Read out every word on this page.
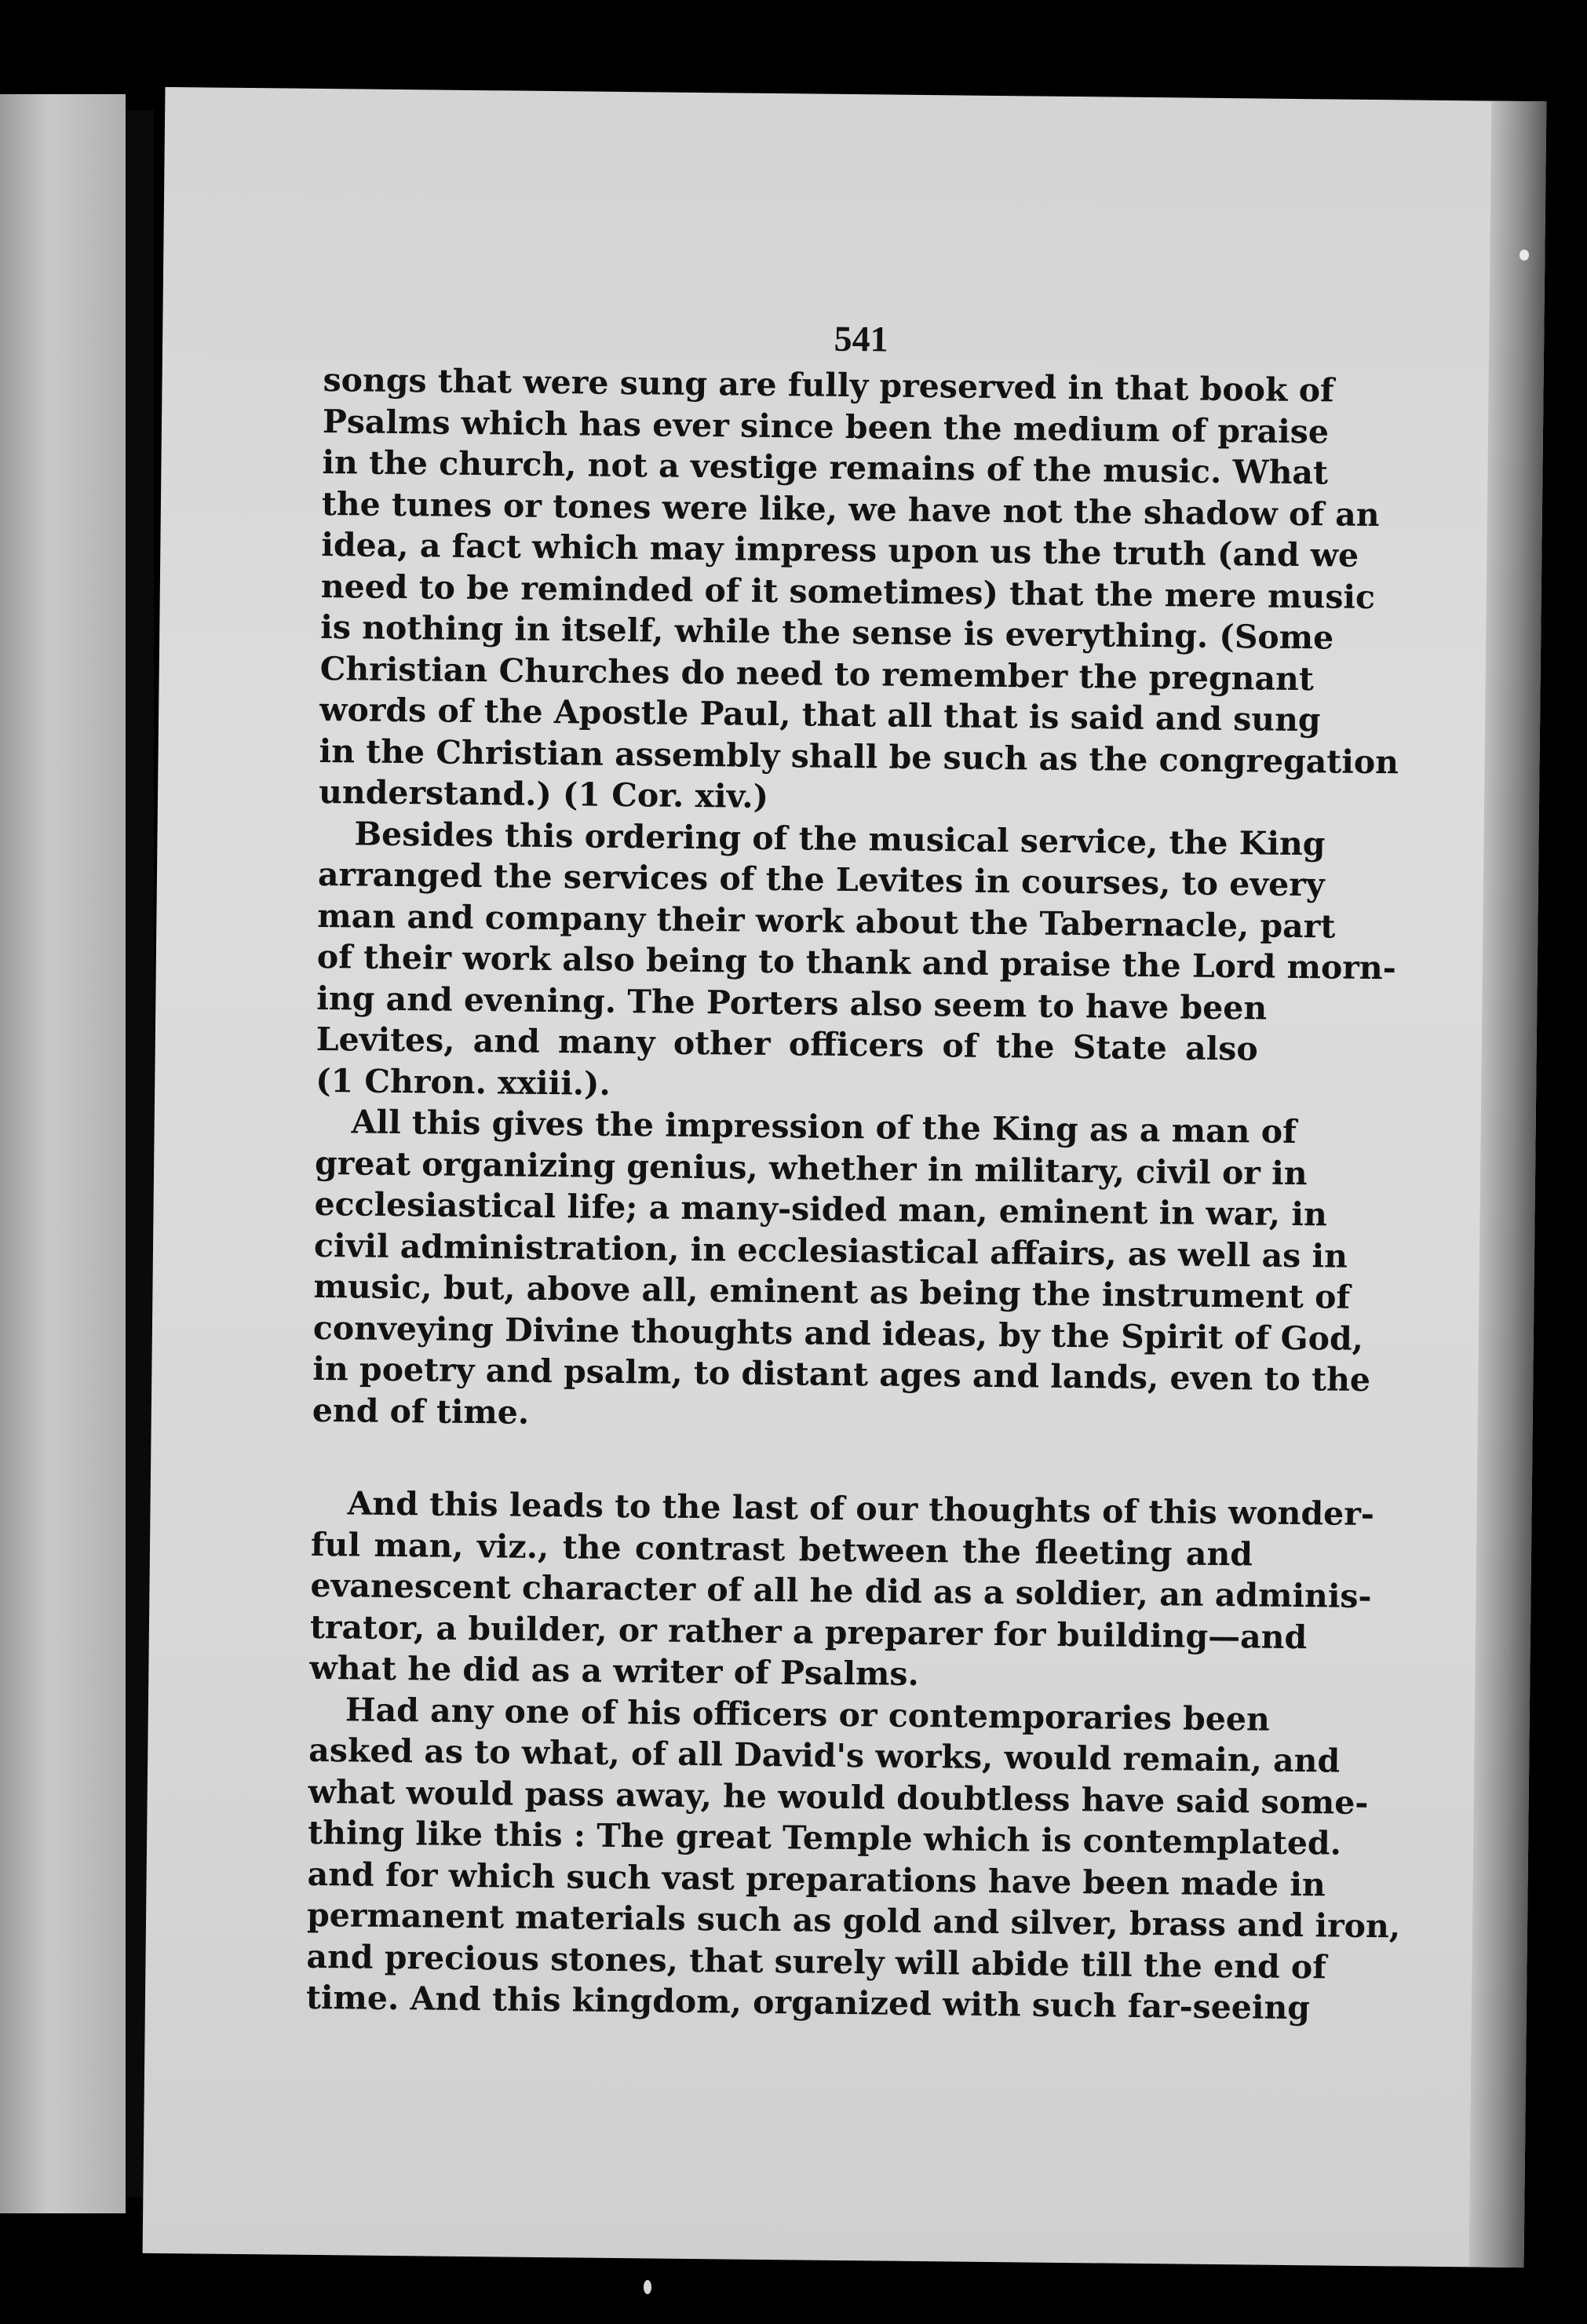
541

songs that were sung are fully preserved in that book of
Psalms which has ever since been the medium of praise
in the church, not a vestige remains of the music. What
the tunes or tones were like, we have not the shadow of an
idea, a fact which may impress upon us the truth (and we
need to be reminded of it sometimes) that the mere music
is nothing in itself, while the sense is everything. (Some
Christian Churches do need to remember the pregnant
words of the Apostle Paul, that all that is said and sung
in the Christian assembly shall be such as the congregation
understand.) (1 Cor. xiv.)

Besides this ordering of the musical service, the King
arranged the services of the Levites in courses, to every
man and company their work about the Tabernacle, part
of their work also being to thank and praise the Lord morn-
ing and evening. The Porters also seem to have been
Levites, and many other officers of the State also
(1 Chron. xxiii.).

All this gives the impression of the King as a man of
great organizing genius, whether in military, civil or in
ecclesiastical life; a many-sided man, eminent in war, in
civil administration, in ecclesiastical affairs, as well as in
music, but, above all, eminent as being the instrument of
conveying Divine thoughts and ideas, by the Spirit of God,
in poetry and psalm, to distant ages and lands, even to the
end of time.

And this leads to the last of our thoughts of this wonder-
ful man, viz., the contrast between the fleeting and
evanescent character of all he did as a soldier, an adminis-
trator, a builder, or rather a preparer for building—and
what he did as a writer of Psalms.

Had any one of his officers or contemporaries been
asked as to what, of all David's works, would remain, and
what would pass away, he would doubtless have said some-
thing like this : The great Temple which is contemplated.
and for which such vast preparations have been made in
permanent materials such as gold and silver, brass and iron,
and precious stones, that surely will abide till the end of
time. And this kingdom, organized with such far-seeing
